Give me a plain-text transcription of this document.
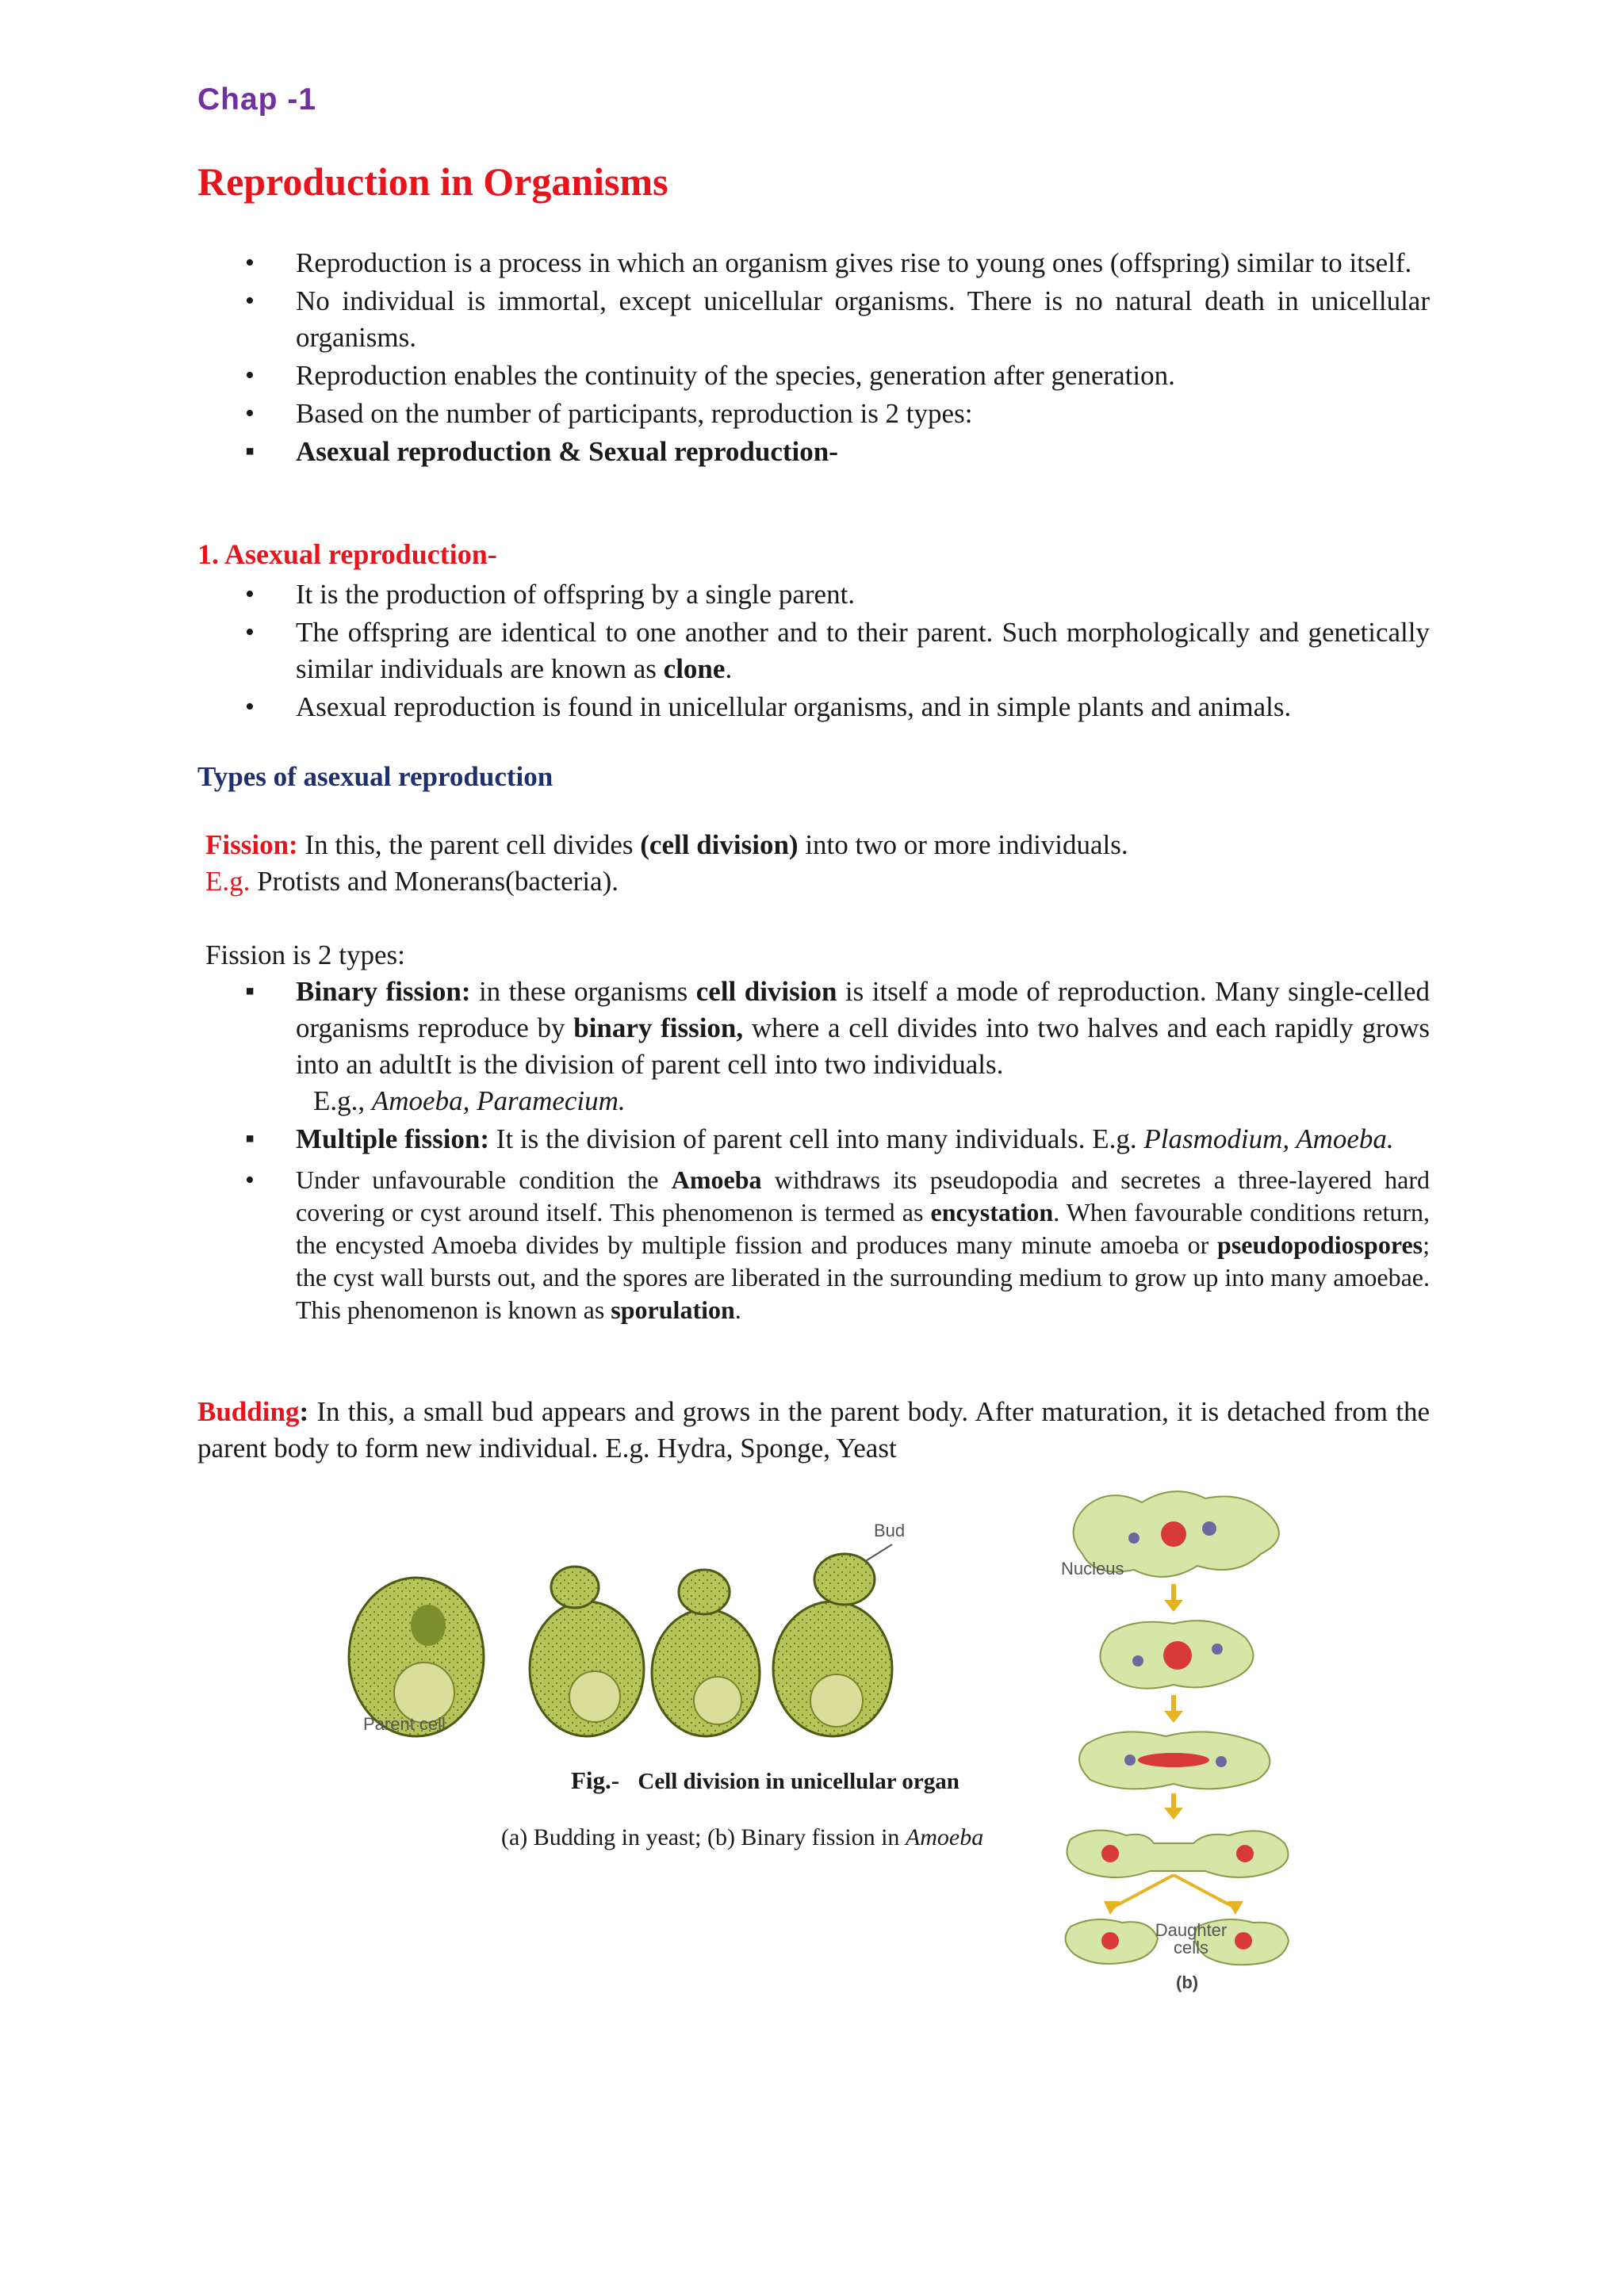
Chap -1
Reproduction in Organisms
• Reproduction is a process in which an organism gives rise to young ones (offspring) similar to itself.
• No individual is immortal, except unicellular organisms. There is no natural death in unicellular organisms.
• Reproduction enables the continuity of the species, generation after generation.
• Based on the number of participants, reproduction is 2 types:
▪ Asexual reproduction & Sexual reproduction-
1. Asexual reproduction-
• It is the production of offspring by a single parent.
• The offspring are identical to one another and to their parent. Such morphologically and genetically similar individuals are known as clone.
• Asexual reproduction is found in unicellular organisms, and in simple plants and animals.
Types of asexual reproduction
Fission: In this, the parent cell divides (cell division) into two or more individuals.
E.g. Protists and Monerans(bacteria).
Fission is 2 types:
▪ Binary fission: in these organisms cell division is itself a mode of reproduction. Many single-celled organisms reproduce by binary fission, where a cell divides into two halves and each rapidly grows into an adultIt is the division of parent cell into two individuals.
E.g., Amoeba, Paramecium.
▪ Multiple fission: It is the division of parent cell into many individuals. E.g. Plasmodium, Amoeba.
• Under unfavourable condition the Amoeba withdraws its pseudopodia and secretes a three-layered hard covering or cyst around itself. This phenomenon is termed as encystation. When favourable conditions return, the encysted Amoeba divides by multiple fission and produces many minute amoeba or pseudopodiospores; the cyst wall bursts out, and the spores are liberated in the surrounding medium to grow up into many amoebae. This phenomenon is known as sporulation.
Budding: In this, a small bud appears and grows in the parent body. After maturation, it is detached from the parent body to form new individual. E.g. Hydra, Sponge, Yeast
Bud
Parent cell
Fig.- Cell division in unicellular organ
(a) Budding in yeast; (b) Binary fission in Amoeba
Nucleus
Daughter cells
(b)
